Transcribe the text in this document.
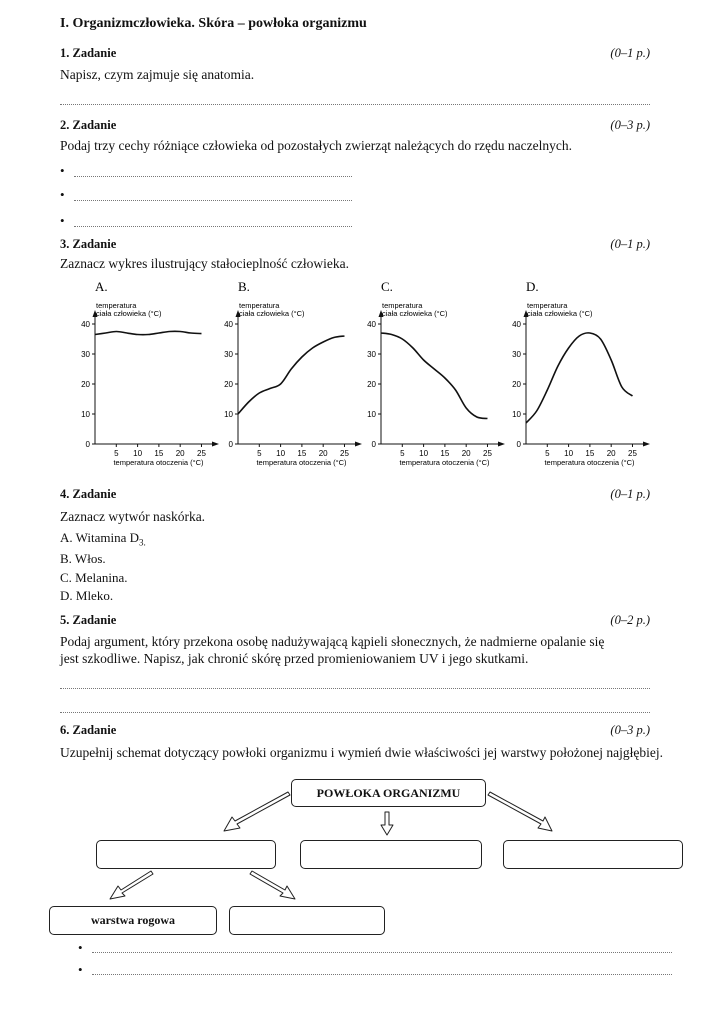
I. Organizmczłowieka. Skóra – powłoka organizmu
1. Zadanie	(0–1 p.)
Napisz, czym zajmuje się anatomia.
2. Zadanie	(0–3 p.)
Podaj trzy cechy różniące człowieka od pozostałych zwierząt należących do rzędu naczelnych.
•
•
•
3. Zadanie	(0–1 p.)
Zaznacz wykres ilustrujący stałocieplność człowieka.
A.
temperatura
ciała człowieka (°C)
0
10
20
30
40
5 10 15 20 25
temperatura otoczenia (°C)
B.
temperatura
ciała człowieka (°C)
0
10
20
30
40
5 10 15 20 25
temperatura otoczenia (°C)
C.
temperatura
ciała człowieka (°C)
0
10
20
30
40
5 10 15 20 25
temperatura otoczenia (°C)
D.
temperatura
ciała człowieka (°C)
0
10
20
30
40
5 10 15 20 25
temperatura otoczenia (°C)
4. Zadanie	(0–1 p.)
Zaznacz wytwór naskórka.
A. Witamina $D_{3.}$
B. Włos.
C. Melanina.
D. Mleko.
5. Zadanie	(0–2 p.)
Podaj argument, który przekona osobę nadużywającą kąpieli słonecznych, że nadmierne opalanie się
jest szkodliwe. Napisz, jak chronić skórę przed promieniowaniem UV i jego skutkami.
6. Zadanie	(0–3 p.)
Uzupełnij schemat dotyczący powłoki organizmu i wymień dwie właściwości jej warstwy położonej najgłębiej.
POWŁOKA ORGANIZMU
warstwa rogowa
•
•
